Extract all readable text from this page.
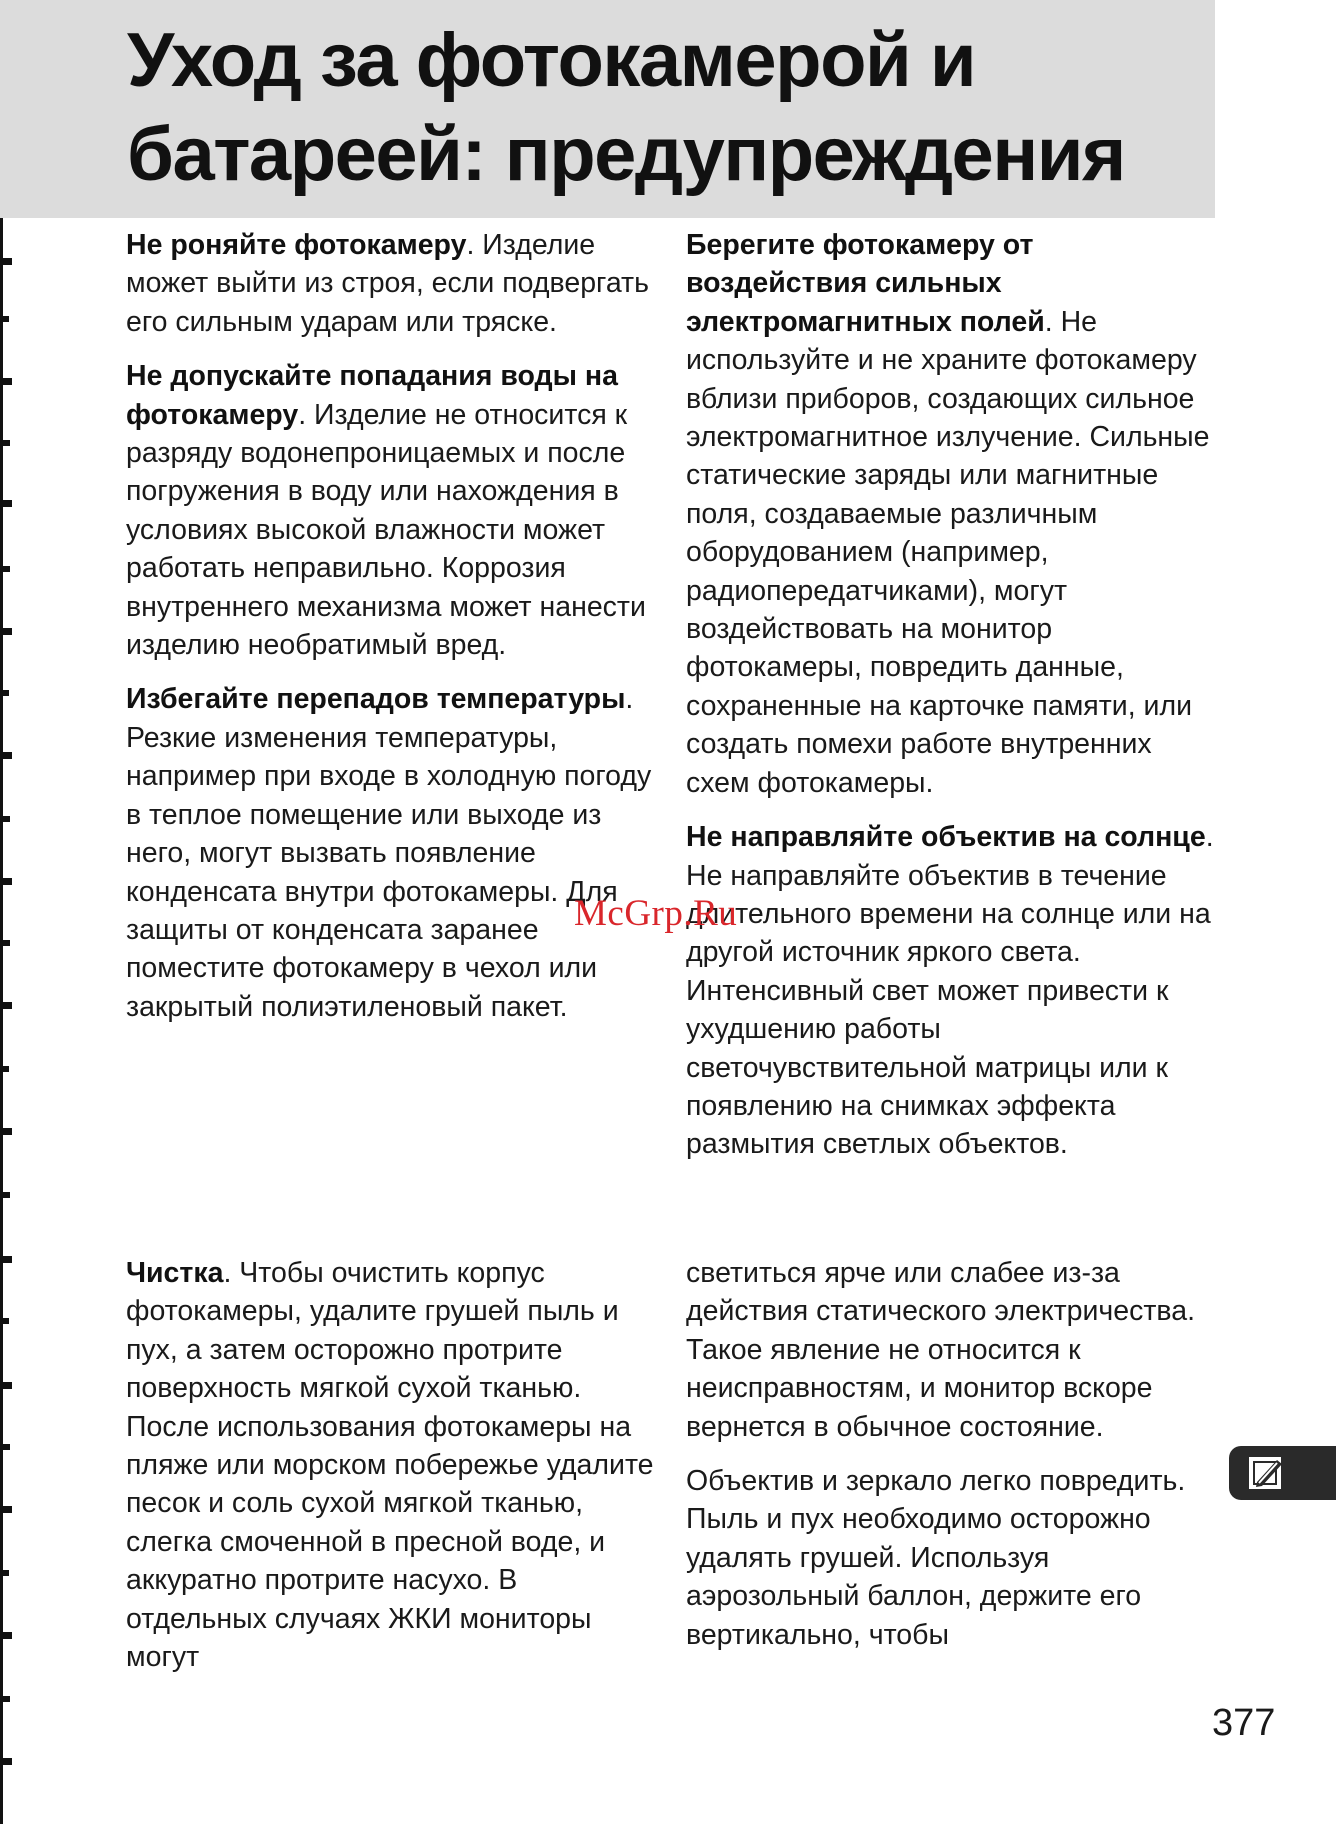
Уход за фотокамерой и
батареей: предупреждения

Не роняйте фотокамеру. Изделие может выйти из строя, если подвергать его сильным ударам или тряске.

Не допускайте попадания воды на фотокамеру. Изделие не относится к разряду водонепроницаемых и после погружения в воду или нахождения в условиях высокой влажности может работать неправильно. Коррозия внутреннего механизма может нанести изделию необратимый вред.

Избегайте перепадов температуры. Резкие изменения температуры, например при входе в холодную погоду в теплое помещение или выходе из него, могут вызвать появление конденсата внутри фотокамеры. Для защиты от конденсата заранее поместите фотокамеру в чехол или закрытый полиэтиленовый пакет.

Чистка. Чтобы очистить корпус фотокамеры, удалите грушей пыль и пух, а затем осторожно протрите поверхность мягкой сухой тканью. После использования фотокамеры на пляже или морском побережье удалите песок и соль сухой мягкой тканью, слегка смоченной в пресной воде, и аккуратно протрите насухо. В отдельных случаях ЖКИ мониторы могут

Берегите фотокамеру от воздействия сильных электромагнитных полей. Не используйте и не храните фотокамеру вблизи приборов, создающих сильное электромагнитное излучение. Сильные статические заряды или магнитные поля, создаваемые различным оборудованием (например, радиопередатчиками), могут воздействовать на монитор фотокамеры, повредить данные, сохраненные на карточке памяти, или создать помехи работе внутренних схем фотокамеры.

Не направляйте объектив на солнце. Не направляйте объектив в течение длительного времени на солнце или на другой источник яркого света. Интенсивный свет может привести к ухудшению работы светочувствительной матрицы или к появлению на снимках эффекта размытия светлых объектов.

светиться ярче или слабее из-за действия статического электричества. Такое явление не относится к неисправностям, и монитор вскоре вернется в обычное состояние.

Объектив и зеркало легко повредить. Пыль и пух необходимо осторожно удалять грушей. Используя аэрозольный баллон, держите его вертикально, чтобы

McGrp.Ru
377
